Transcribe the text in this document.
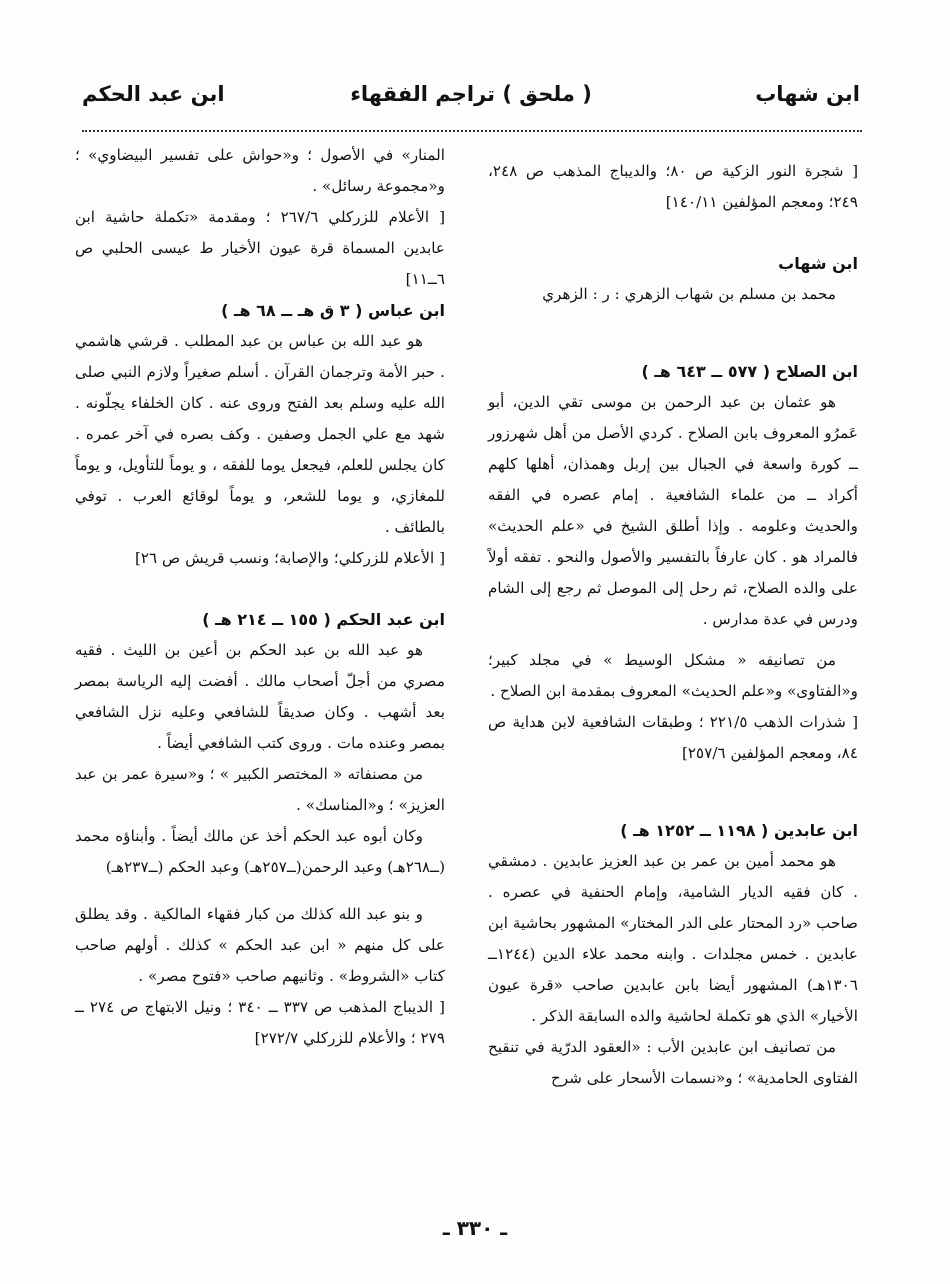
ابن شهاب
( ملحق ) تراجم الفقهاء
ابن عبد الحكم

[ شجرة النور الزكية ص ٨٠؛ والديباج المذهب ص ٢٤٨، ٢٤٩؛ ومعجم المؤلفين ١٤٠/١١]

ابن شهاب

محمد بن مسلم بن شهاب الزهري : ر : الزهري

ابن الصلاح ( ٥٧٧ ــ ٦٤٣ هـ )

هو عثمان بن عبد الرحمن بن موسى تقي الدين، أبو عَمرُو المعروف بابن الصلاح . كردي الأصل من أهل شهرزور ــ كورة واسعة في الجبال بين إربل وهمذان، أهلها كلهم أكراد ــ من علماء الشافعية . إمام عصره في الفقه والحديث وعلومه . وإذا أطلق الشيخ في «علم الحديث» فالمراد هو . كان عارفاً بالتفسير والأصول والنحو . تفقه أولاً على والده الصلاح، ثم رحل إلى الموصل ثم رجع إلى الشام ودرس في عدة مدارس .

من تصانيفه « مشكل الوسيط » في مجلد كبير؛ و«الفتاوى» و«علم الحديث» المعروف بمقدمة ابن الصلاح .

[ شذرات الذهب ٢٢١/٥ ؛ وطبقات الشافعية لابن هداية ص ٨٤، ومعجم المؤلفين ٢٥٧/٦]

ابن عابدين ( ١١٩٨ ــ ١٢٥٢ هـ )

هو محمد أمين بن عمر بن عبد العزيز عابدين . دمشقي . كان فقيه الديار الشامية، وإمام الحنفية في عصره . صاحب «رد المحتار على الدر المختار» المشهور بحاشية ابن عابدين . خمس مجلدات . وابنه محمد علاء الدين (١٢٤٤ــ ١٣٠٦هـ) المشهور أيضا بابن عابدين صاحب «قرة عيون الأخيار» الذي هو تكملة لحاشية والده السابقة الذكر .

من تصانيف ابن عابدين الأب : «العقود الدرّية في تنقيح الفتاوى الحامدية» ؛ و«نسمات الأسحار على شرح

المنار» في الأصول ؛ و«حواش على تفسير البيضاوي» ؛ و«مجموعة رسائل» .

[ الأعلام للزركلي ٢٦٧/٦ ؛ ومقدمة «تكملة حاشية ابن عابدين المسماة قرة عيون الأخيار ط عيسى الحلبي ص ٦ــ١١]

ابن عباس ( ٣ ق هـ ــ ٦٨ هـ )

هو عبد الله بن عباس بن عبد المطلب . قرشي هاشمي . حبر الأمة وترجمان القرآن . أسلم صغيراً ولازم النبي صلى الله عليه وسلم بعد الفتح وروى عنه . كان الخلفاء يجلّونه . شهد مع علي الجمل وصفين . وكف بصره في آخر عمره . كان يجلس للعلم، فيجعل يوما للفقه ، و يوماً للتأويل، و يوماً للمغازي، و يوما للشعر، و يوماً لوقائع العرب . توفي بالطائف .

[ الأعلام للزركلي؛ والإصابة؛ ونسب قريش ص ٢٦]

ابن عبد الحكم ( ١٥٥ ــ ٢١٤ هـ )

هو عبد الله بن عبد الحكم بن أعين بن الليث . فقيه مصري من أجلّ أصحاب مالك . أفضت إليه الرياسة بمصر بعد أشهب . وكان صديقاً للشافعي وعليه نزل الشافعي بمصر وعنده مات . وروى كتب الشافعي أيضاً .

من مصنفاته « المختصر الكبير » ؛ و«سيرة عمر بن عبد العزيز» ؛ و«المناسك» .

وكان أبوه عبد الحكم أخذ عن مالك أيضاً . وأبناؤه محمد (ــ٢٦٨هـ) وعبد الرحمن(ــ٢٥٧هـ) وعبد الحكم (ــ٢٣٧هـ)

و بنو عبد الله كذلك من كبار فقهاء المالكية . وقد يطلق على كل منهم « ابن عبد الحكم » كذلك . أولهم صاحب كتاب «الشروط» . وثانيهم صاحب «فتوح مصر» .

[ الديباج المذهب ص ٣٣٧ ــ ٣٤٠ ؛ ونيل الابتهاج ص ٢٧٤ ــ ٢٧٩ ؛ والأعلام للزركلي ٢٧٢/٧]

ـ ٣٣٠ ـ
